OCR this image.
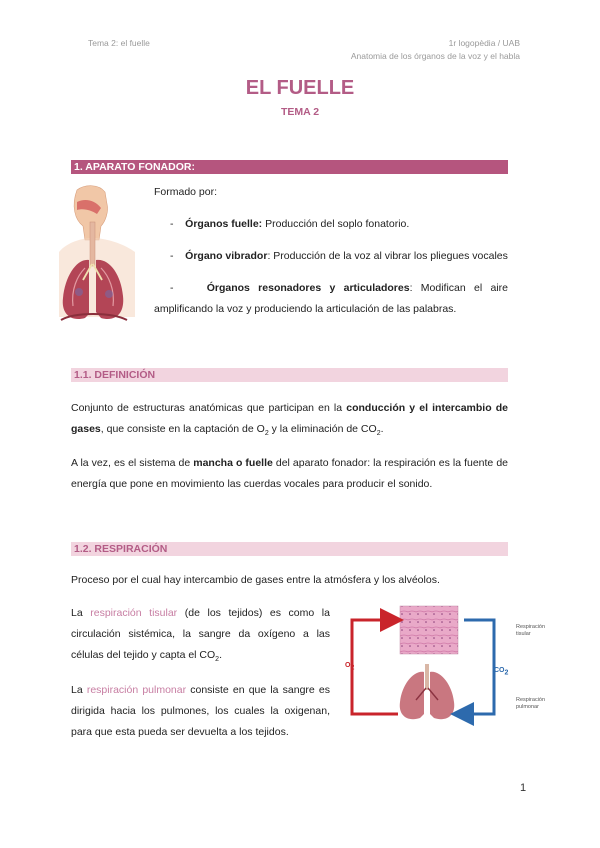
Tema 2: el fuelle	1r logopèdia / UAB
Anatomia de los órganos de la voz y el habla
EL FUELLE
TEMA 2
1. APARATO FONADOR:
Formado por:
- Órganos fuelle: Producción del soplo fonatorio.
- Órgano vibrador: Producción de la voz al vibrar los pliegues vocales
-	Órganos resonadores y articuladores: Modifican el aire amplificando la voz y produciendo la articulación de las palabras.
1.1. DEFINICIÓN
Conjunto de estructuras anatómicas que participan en la conducción y el intercambio de gases, que consiste en la captación de $O_2$ y la eliminación de $CO_2$.
A la vez, es el sistema de mancha o fuelle del aparato fonador: la respiración es la fuente de energía que pone en movimiento las cuerdas vocales para producir el sonido.
1.2. RESPIRACIÓN
Proceso por el cual hay intercambio de gases entre la atmósfera y los alvéolos.
La respiración tisular (de los tejidos) es como la circulación sistémica, la sangre da oxígeno a las células del tejido y capta el $CO_2$.
La respiración pulmonar consiste en que la sangre es dirigida hacia los pulmones, los cuales la oxigenan, para que esta pueda ser devuelta a los tejidos.
$O_2$	$CO_2$
Respiración tisular
Respiración pulmonar
1
